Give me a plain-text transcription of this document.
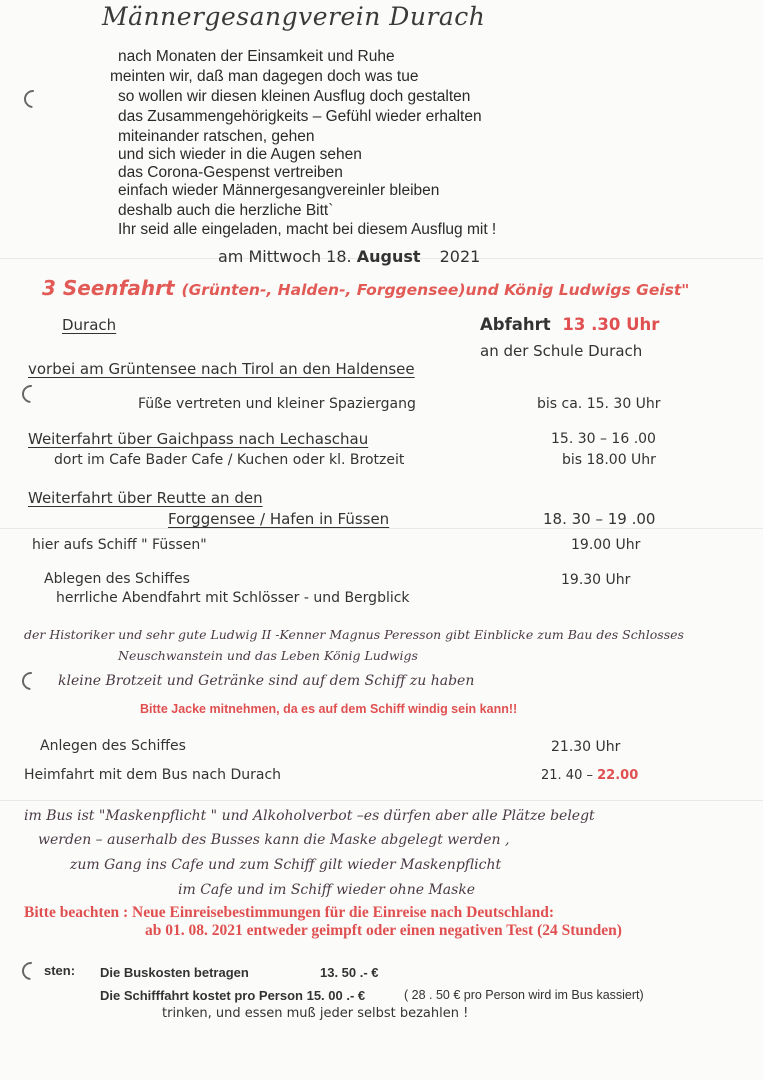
Männergesangverein Durach
nach Monaten der Einsamkeit und Ruhe
meinten wir, daß man dagegen doch was tue
so wollen wir diesen kleinen Ausflug doch gestalten
das Zusammengehörigkeits – Gefühl wieder erhalten
miteinander ratschen, gehen
und sich wieder in die Augen sehen
das Corona-Gespenst vertreiben
einfach wieder Männergesangvereinler bleiben
deshalb auch die herzliche Bitt`
Ihr seid alle eingeladen, macht bei diesem Ausflug mit !
am Mittwoch 18. August 2021
3 Seenfahrt (Grünten-, Halden-, Forggensee)und König Ludwigs Geist"
Durach	Abfahrt 13 .30 Uhr
an der Schule Durach
vorbei am Grüntensee nach Tirol an den Haldensee
Füße vertreten und kleiner Spaziergang	bis ca. 15. 30 Uhr
Weiterfahrt über Gaichpass nach Lechaschau	15. 30 – 16 .00
dort im Cafe Bader Cafe / Kuchen oder kl. Brotzeit	bis 18.00 Uhr
Weiterfahrt über Reutte an den
Forggensee / Hafen in Füssen	18. 30 – 19 .00
hier aufs Schiff " Füssen"	19.00 Uhr
Ablegen des Schiffes	19.30 Uhr
herrliche Abendfahrt mit Schlösser - und Bergblick
der Historiker und sehr gute Ludwig II -Kenner Magnus Peresson gibt Einblicke zum Bau des Schlosses
Neuschwanstein und das Leben König Ludwigs
kleine Brotzeit und Getränke sind auf dem Schiff zu haben
Bitte Jacke mitnehmen, da es auf dem Schiff windig sein kann!!
Anlegen des Schiffes	21.30 Uhr
Heimfahrt mit dem Bus nach Durach	21. 40 – 22.00
im Bus ist "Maskenpflicht " und Alkoholverbot –es dürfen aber alle Plätze belegt
werden – auserhalb des Busses kann die Maske abgelegt werden ,
zum Gang ins Cafe und zum Schiff gilt wieder Maskenpflicht
im Cafe und im Schiff wieder ohne Maske
Bitte beachten : Neue Einreisebestimmungen für die Einreise nach Deutschland:
ab 01. 08. 2021 entweder geimpft oder einen negativen Test (24 Stunden)
sten: Die Buskosten betragen	13. 50 .- €
Die Schifffahrt kostet pro Person 15. 00 .- €	( 28 . 50 € pro Person wird im Bus kassiert)
trinken, und essen muß jeder selbst bezahlen !
